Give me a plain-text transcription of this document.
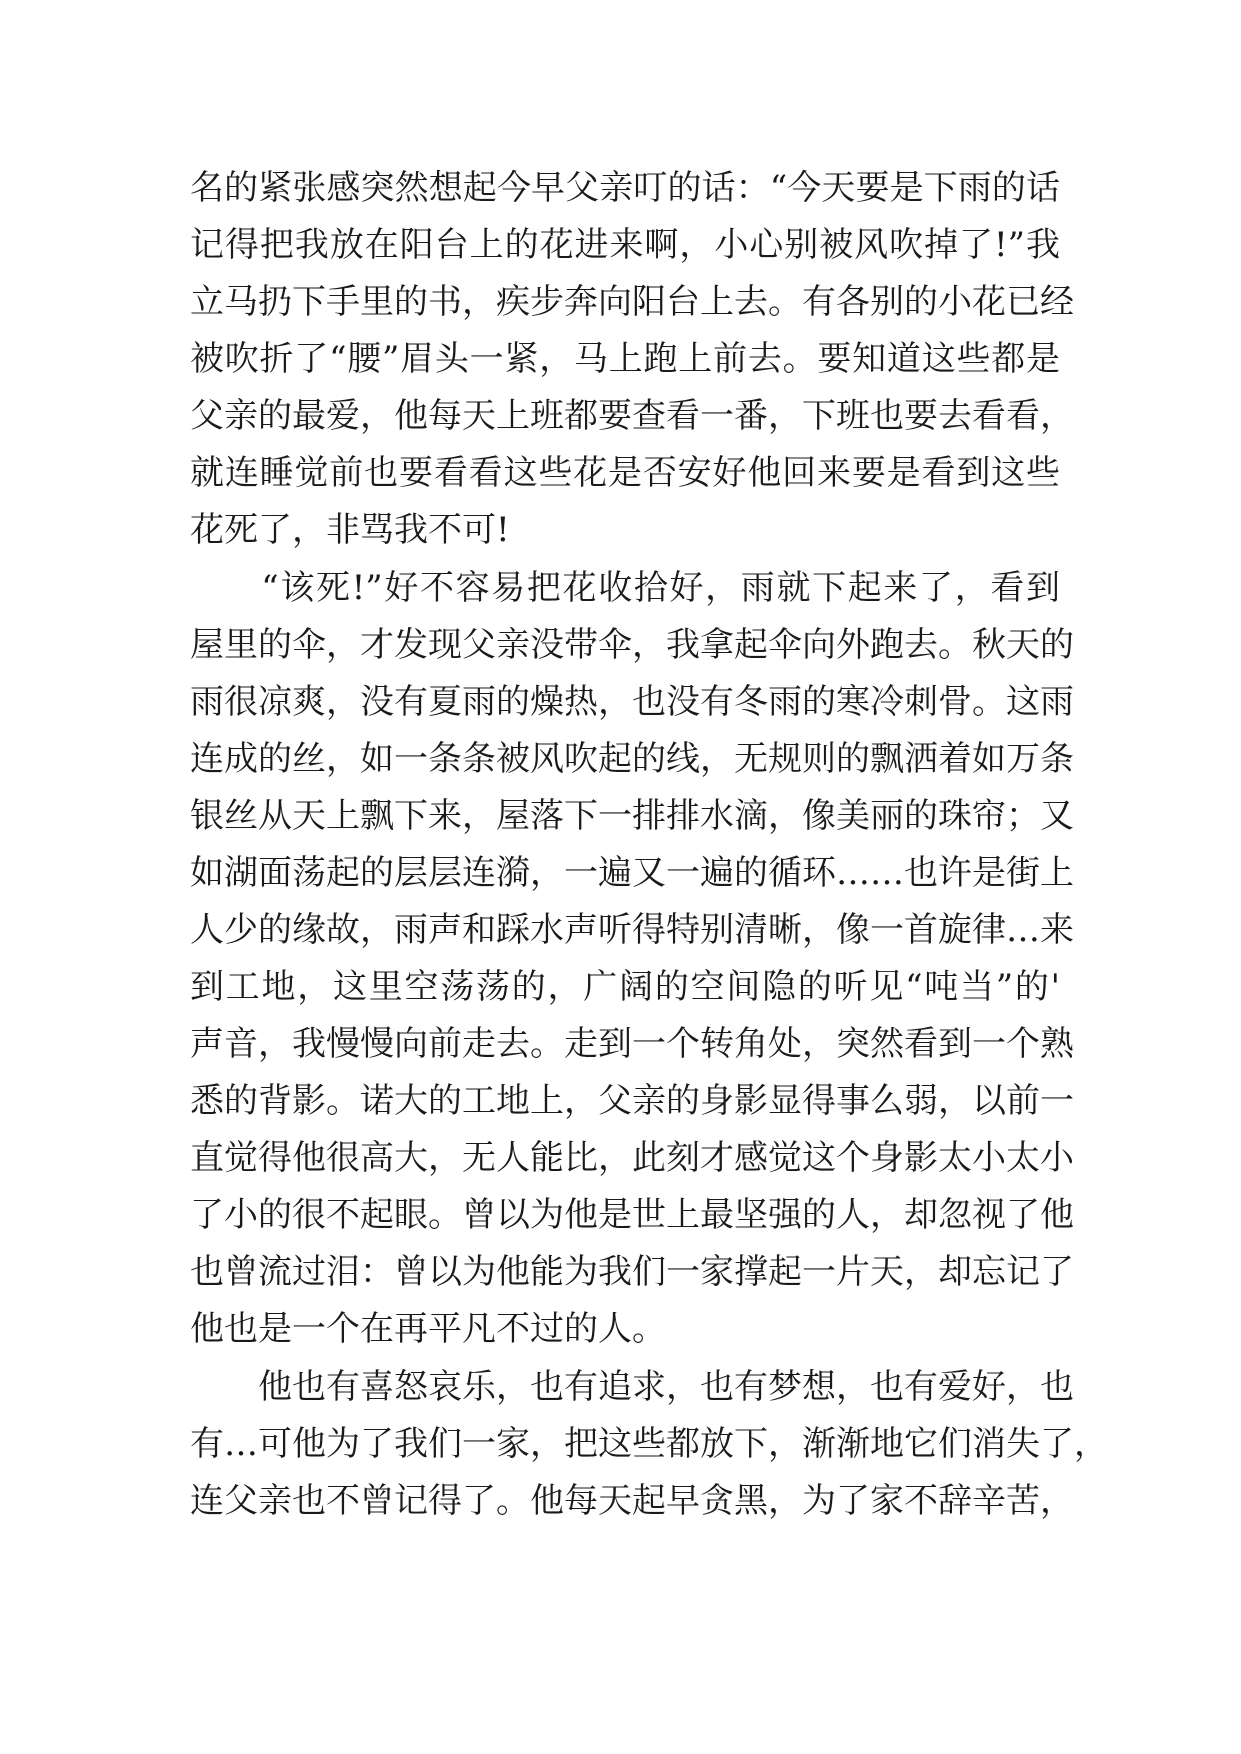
名的紧张感突然想起今早父亲叮的话：“今天要是下雨的话
记得把我放在阳台上的花进来啊，小心别被风吹掉了!”我
立马扔下手里的书，疾步奔向阳台上去。有各别的小花已经
被吹折了“腰”眉头一紧，马上跑上前去。要知道这些都是
父亲的最爱，他每天上班都要查看一番，下班也要去看看，
就连睡觉前也要看看这些花是否安好他回来要是看到这些
花死了，非骂我不可!
　　“该死!”好不容易把花收拾好，雨就下起来了，看到
屋里的伞，才发现父亲没带伞，我拿起伞向外跑去。秋天的
雨很凉爽，没有夏雨的燥热，也没有冬雨的寒冷刺骨。这雨
连成的丝，如一条条被风吹起的线，无规则的飘洒着如万条
银丝从天上飘下来，屋落下一排排水滴，像美丽的珠帘；又
如湖面荡起的层层连漪，一遍又一遍的循环……也许是街上
人少的缘故，雨声和踩水声听得特别清晰，像一首旋律…来
到工地，这里空荡荡的，广阔的空间隐的听见“吨当”的'
声音，我慢慢向前走去。走到一个转角处，突然看到一个熟
悉的背影。诺大的工地上，父亲的身影显得事么弱，以前一
直觉得他很高大，无人能比，此刻才感觉这个身影太小太小
了小的很不起眼。曾以为他是世上最坚强的人，却忽视了他
也曾流过泪：曾以为他能为我们一家撑起一片天，却忘记了
他也是一个在再平凡不过的人。
　　他也有喜怒哀乐，也有追求，也有梦想，也有爱好，也
有…可他为了我们一家，把这些都放下，渐渐地它们消失了，
连父亲也不曾记得了。他每天起早贪黑，为了家不辞辛苦，
